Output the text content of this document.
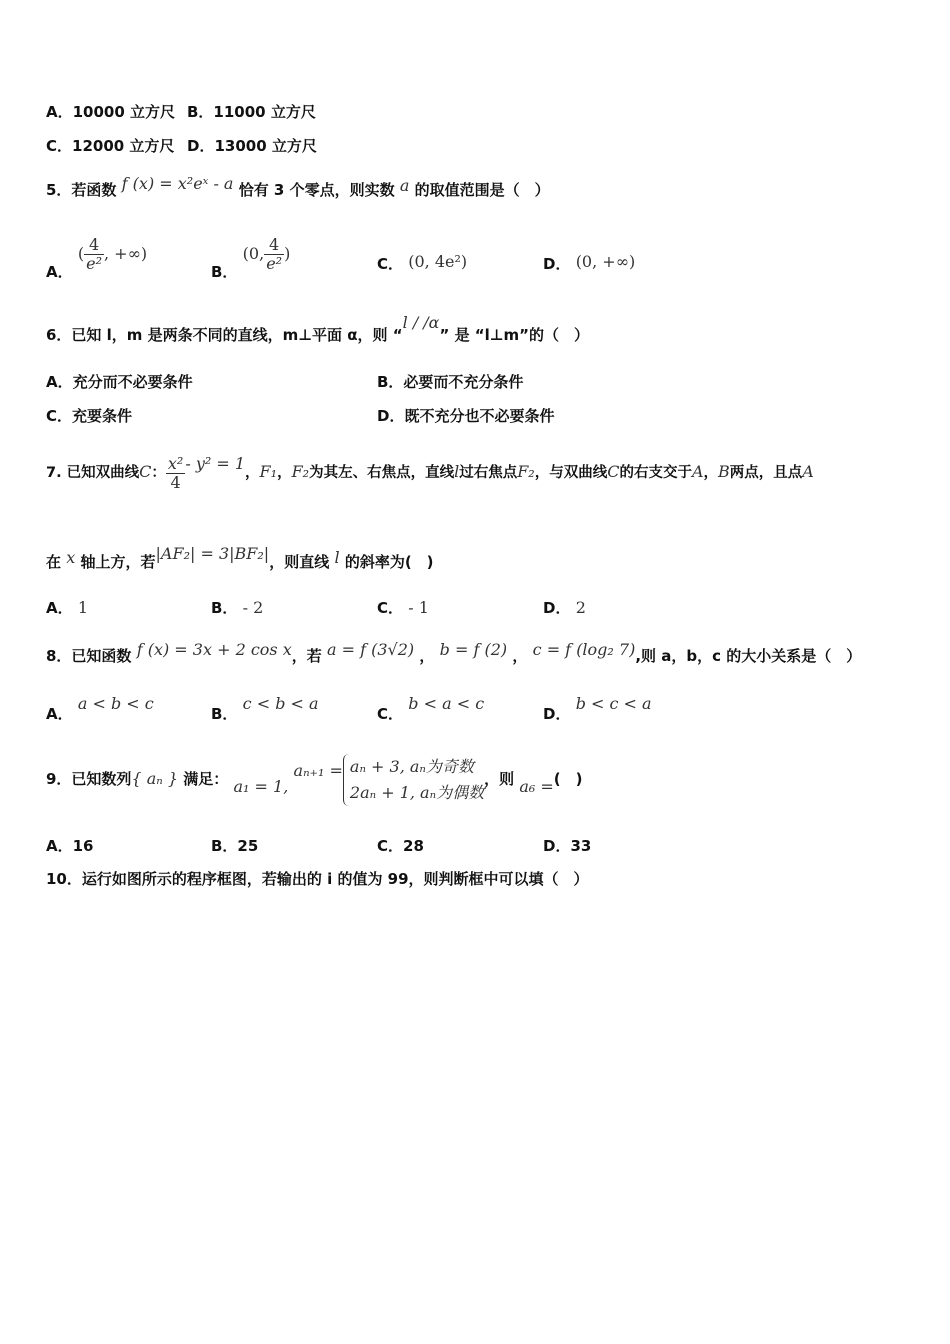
A．10000 立方尺 B．11000 立方尺
C．12000 立方尺 D．13000 立方尺
5．若函数 f (x) = x²eˣ - a 恰有 3 个零点，则实数 a 的取值范围是（　）
A． ( $\frac{4}{\text{e²}}$ , +∞)
B． (0, $\frac{4}{\text{e²}}$ )
C． (0, 4e²)	D． (0, +∞)
6．已知 l，m 是两条不同的直线，m⊥平面 α，则 “l / /α” 是 “l⊥m”的（　）
A．充分而不必要条件	B．必要而不充分条件
C．充要条件	D．既不充分也不必要条件
7. 已知双曲线C： $\frac{\text{x²}}{4} - y^2 = 1$，F₁，F₂为其左、右焦点，直线l过右焦点F₂，与双曲线C的右支交于A，B两点，且点A
在 x 轴上方，若|AF₂| = 3|BF₂|，则直线 l 的斜率为(　)
A． 1	B． - 2	C． - 1	D． 2
8．已知函数 f (x) = 3x + 2 cos x，若 a = f (3√2) ， b = f (2) ， c = f (log₂ 7),则 a，b，c 的大小关系是（　）
A． a < b < c
B． c < b < a
C． b < a < c
D． b < c < a
9．已知数列{ aₙ } 满足： a₁ = 1, aₙ₊₁ = aₙ + 3, aₙ为奇数
2aₙ + 1, aₙ为偶数
，则 a₆ =(　)
A．16	B．25	C．28	D．33
10．运行如图所示的程序框图，若输出的 i 的值为 99，则判断框中可以填（　）
